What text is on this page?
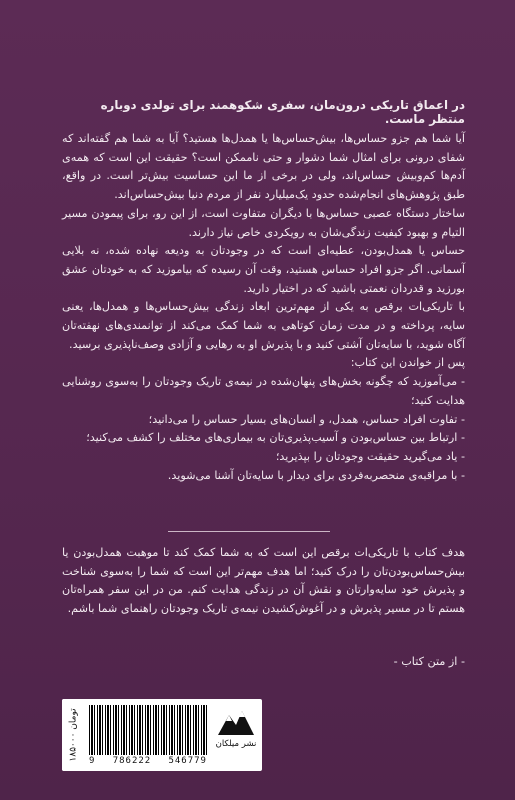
در اعماق تاریکی درون‌مان، سفری شکوهمند برای تولدی دوباره منتظر ماست.

آیا شما هم جزو حساس‌ها، بیش‌حساس‌ها یا همدل‌ها هستید؟ آیا به شما هم گفته‌اند که شفای درونی برای امثال شما دشوار و حتی ناممکن است؟ حقیقت این است که همه‌ی آدم‌ها کم‌وبیش حساس‌اند، ولی در برخی از ما این حساسیت بیش‌تر است. در واقع، طبق پژوهش‌های انجام‌شده حدود یک‌میلیارد نفر از مردم دنیا بیش‌حساس‌اند.

ساختار دستگاه عصبی حساس‌ها با دیگران متفاوت است، از این رو، برای پیمودن مسیر التیام و بهبود کیفیت زندگی‌شان به رویکردی خاص نیاز دارند.

حساس یا همدل‌بودن، عطیه‌ای است که در وجودتان به ودیعه نهاده شده، نه بلایی آسمانی. اگر جزو افراد حساس هستید، وقت آن رسیده که بیاموزید که به خودتان عشق بورزید و قدردان نعمتی باشید که در اختیار دارید.

با تاریکی‌ات برقص به یکی از مهم‌ترین ابعاد زندگی بیش‌حساس‌ها و همدل‌ها، یعنی سایه، پرداخته و در مدت زمان کوتاهی به شما کمک می‌کند از توانمندی‌های نهفته‌تان آگاه شوید، با سایه‌تان آشتی کنید و با پذیرش او به رهایی و آزادی وصف‌ناپذیری برسید.

پس از خواندن این کتاب:

- می‌آموزید که چگونه بخش‌های پنهان‌شده در نیمه‌ی تاریک وجودتان را به‌سوی روشنایی هدایت کنید؛
- تفاوت افراد حساس، همدل، و انسان‌های بسیار حساس را می‌دانید؛
- ارتباط بین حساس‌بودن و آسیب‌پذیری‌تان به بیماری‌های مختلف را کشف می‌کنید؛
- یاد می‌گیرید حقیقت وجودتان را بپذیرید؛
- با مراقبه‌ی منحصربه‌فردی برای دیدار با سایه‌تان آشنا می‌شوید.

هدف کتاب با تاریکی‌ات برقص این است که به شما کمک کند تا موهبت همدل‌بودن یا بیش‌حساس‌بودن‌تان را درک کنید؛ اما هدف مهم‌تر این است که شما را به‌سوی شناخت و پذیرش خود سایه‌وارتان و نقش آن در زندگی هدایت کنم. من در این سفر همراه‌تان هستم تا در مسیر پذیرش و در آغوش‌کشیدن نیمه‌ی تاریک وجودتان راهنمای شما باشم.

- از متن کتاب -
۱۸۵۰۰۰ تومان
9 786222 546779
نشر میلکان
